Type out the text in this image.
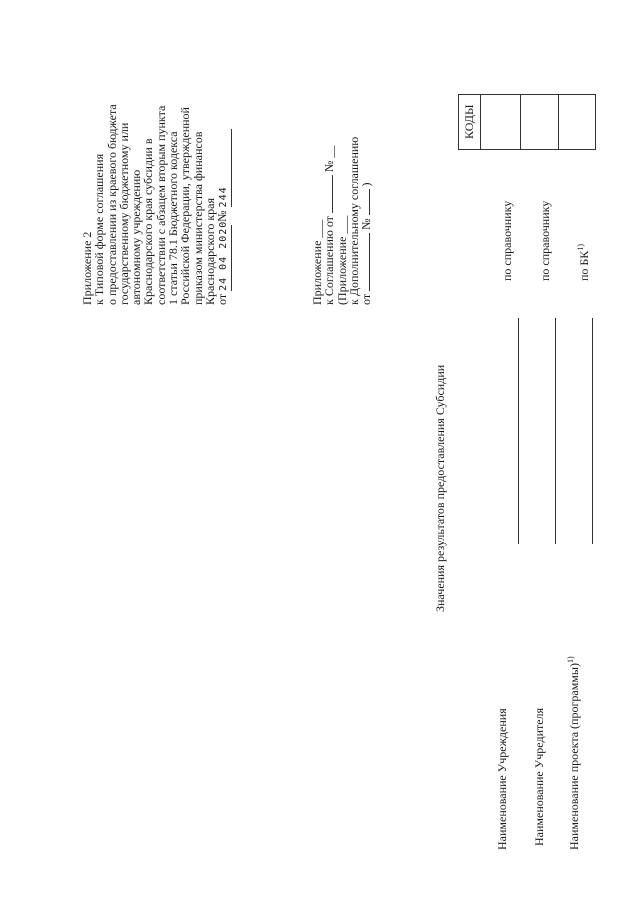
Приложение 2
к Типовой форме соглашения
о предоставлении из краевого бюджета
государственному бюджетному или
автономному учреждению
Краснодарского края субсидии в
соответствии с абзацем вторым пункта
1 статьи 78.1 Бюджетного кодекса
Российской Федерации, утвержденной
приказом министерства финансов
Краснодарского края
от 24 04 2020 № 244
Приложение ___
к Соглашению от  № __
(Приложение ___
к Дополнительному соглашению
от  №  )
Значения результатов предоставления Субсидии
Наименование Учреждения Наименование Учредителя Наименование проекта (программы)$^{1)}$
по справочнику по справочнику по БК$^{1)}$
КОДЫ
